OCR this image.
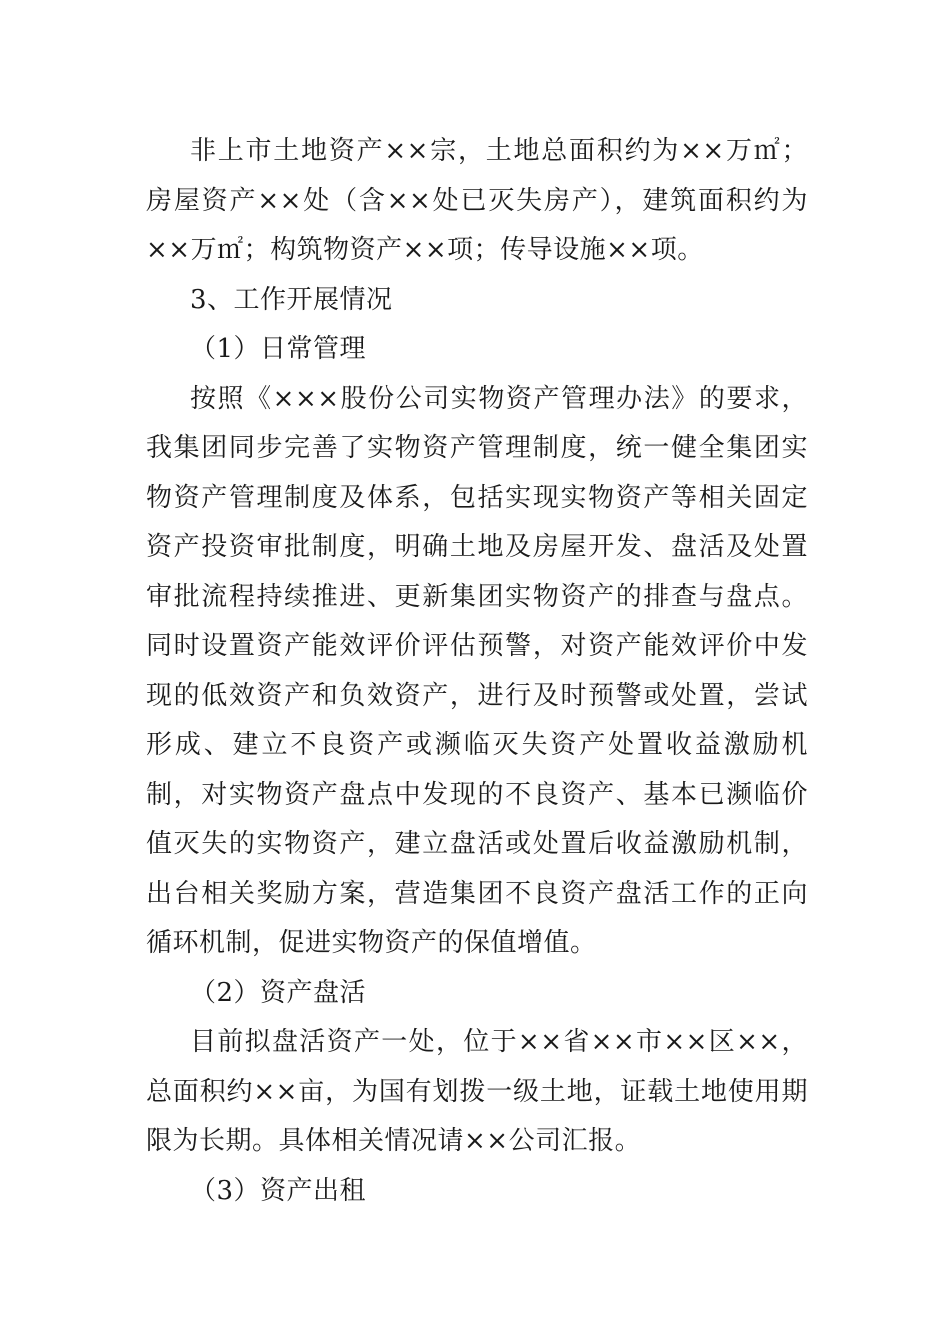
非上市土地资产××宗，土地总面积约为××万㎡；房屋资产××处（含××处已灭失房产），建筑面积约为××万㎡；构筑物资产××项；传导设施××项。

3、工作开展情况

（1）日常管理

按照《×××股份公司实物资产管理办法》的要求，我集团同步完善了实物资产管理制度，统一健全集团实物资产管理制度及体系，包括实现实物资产等相关固定资产投资审批制度，明确土地及房屋开发、盘活及处置审批流程持续推进、更新集团实物资产的排查与盘点。同时设置资产能效评价评估预警，对资产能效评价中发现的低效资产和负效资产，进行及时预警或处置，尝试形成、建立不良资产或濒临灭失资产处置收益激励机制，对实物资产盘点中发现的不良资产、基本已濒临价值灭失的实物资产，建立盘活或处置后收益激励机制，出台相关奖励方案，营造集团不良资产盘活工作的正向循环机制，促进实物资产的保值增值。

（2）资产盘活

目前拟盘活资产一处，位于××省××市××区××，总面积约××亩，为国有划拨一级土地，证载土地使用期限为长期。具体相关情况请××公司汇报。

（3）资产出租
